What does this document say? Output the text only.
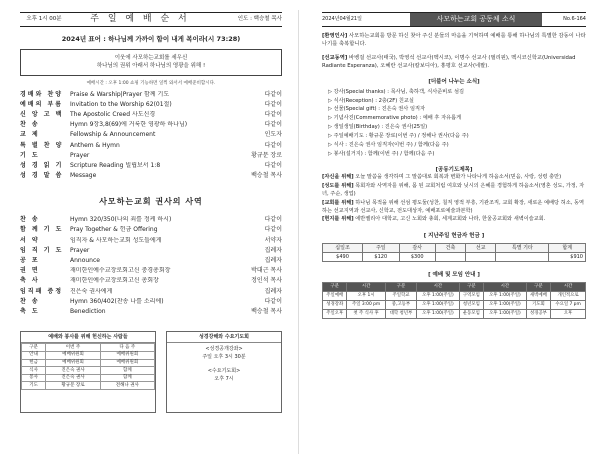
오후 1시 00분	주 일 예 배 순 서	인도 : 백승철 목사
2024년 표어 : 하나님께 가까이 함이 내게 복이라(시 73:28)
이웃에 사모하는교회를 세우신
하나님의 권위 아래서 하나님의 영광을 위해 !
예배시간 : 오후 1:00 쇼핑 기능하면 일찍 와서서 예배준비합시다.
경배와 찬양	Praise & Warship|Prayer 함께 기도	다같이
예배의 부름	Invitation to the Worship 62(01절)	다같이
신 앙 고 백	The Apostolic Creed 사도신경	다같이
찬 송	Hymn 9장3,8(69)에 거룩한 영광하 하나님)	다같이
교 제	Fellowship & Announcement	인도자
특 별 찬 양	Anthem & Hymn	다같이
기 도	Prayer	황규문 장로
성 경 읽 기	Scripture Reading 빌립보서 1:8	다같이
성 경 말 씀	Message	백승철 목사
사모하는교회 권사의 사역
찬 송	Hymn 320/350(나의 죄를 정케 하시)	다같이
함 께 기 도	Pray Together & 헌금 Offering	다같이
서 약	임직자 & 사모하는교회 성도들에게	서약자
임 직 기 도	Prayer	집례자
공 포	Announce	집례자
권 면	재미한인예수교장로회고신 중경총회장	박대근 목사
축 사	재미한인예수교장로회고신 총회장	정인석 목사
임직패 증정	진은숙 권사에게	집례자
찬 송	Hymn 360/402(찬송 나를 소리에)	다같이
축 도	Benediction	백승철 목사
예배와 봉사를 위해 헌신하는 사람들
구분	이번 주	다 음 주
안내	예배위원회	예배위원회
헌금	예배위원회	예배위원회
식사	진은숙 권사	함께
봉사	진은숙 권사	함께
기도	황규문 장로	전해나 권사
성경강해와 수요기도회
<성경공개강좌>
주일 오후 3시 30분
<수요기도회>
오후 7시
2024년04월21일	사모하는교회 공동체 소식	No.6-164
[환영인사] 사모하는교회를 방문 하신 찾아 주신 분들의 마음을 기억하며 예배를 통해 하나님의 특별한 감동이 나타나기를 축복합니다.
[선교동역] 바벵걸 선교사(태국), 박영석 선교사(멕시코), 이명수 선교사 (필리핀), 멕시코신학교(Universidad Radiante Esperanza), 오혜란 선교사(칼보디아), 홍평호 선교사(네팔).
[더불어 나누는 소식]
▷ 강사(Special thanks) : 목사님, 축하객, 식사준비로 섬김
▷ 식사(Reception) : 2층(2F) 친교실
▷ 선물(Special gift) : 진은숙 권사 임직자
▷ 기념사진(Commemorative photo) : 예배 후 자유롭게
▷ 생일생일(Birthday) : 진은숙 권사(25일)
▷ 주일예배기도 : 황규문 장로(이번 주) / 정해나 권사(다음 주)
▷ 식사 : 진은숙 권사 임직자(이번 주) / 함께(다음 주)
▷ 봉사(설거지) : 함께(이번 주) / 함께(다음 주)
[공동기도제목]
[자신을 위해] 오늘 말씀을 생각하며 그 말씀대로 회복과 변화가 나타나게 하옵소서(믿음, 사랑, 성령 충만)
[성도를 위해] 목회자와 사역자를 위해, 몸 된 교회처럼 여호와 닛시의 은혜를 경험하게 하옵소서(영혼 성도, 가정, 자녀, 주순, 생업)
[교회를 위해] 하나님 목적을 위해 선섬 평도둘(성찬, 칠직 영적 부흥, 기관조직, 교회 확장, 새로운 예배당 허소, 동역하는 선교지역과 선교사, 신학교, 전도대상자, 예배포로예술과본학)
[현지를 위해] 에반젤리아 대학교, 고신 노회와 총회, 세계교회와 나라, 한울공교회와 새벽이슬교회.
[ 지난주일 헌금자 헌금 ]
십일조	주일	감사	건축	선교	특별 기타	합계
$490	$120	$300				$910
[ 예배 및 모임 안내 ]
구분	시간	구분	시간	구분	시간	구분	시간
주일예배	오후 1시	주일학교	오후 1:00(주일)	구역모임	오후 1:00(주일)	새벽예배	개인적으로
성경강좌	주일 3:00 pm	중,고등부	오후 1:00(주일)	청년모임	오후 1:00(주일)	기도회	수요일 7 pm
주일오후	첫 주 식사 후	대학 청년부	오후 1:00(주일)	운동모임	오후 1:00(주일)	성경공부	오후
